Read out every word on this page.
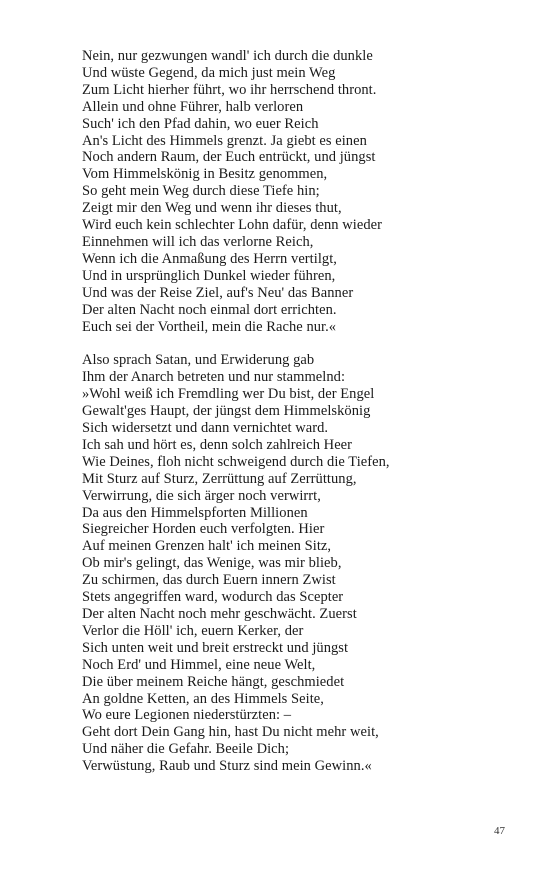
Nein, nur gezwungen wandl' ich durch die dunkle
Und wüste Gegend, da mich just mein Weg
Zum Licht hierher führt, wo ihr herrschend thront.
Allein und ohne Führer, halb verloren
Such' ich den Pfad dahin, wo euer Reich
An's Licht des Himmels grenzt. Ja giebt es einen
Noch andern Raum, der Euch entrückt, und jüngst
Vom Himmelskönig in Besitz genommen,
So geht mein Weg durch diese Tiefe hin;
Zeigt mir den Weg und wenn ihr dieses thut,
Wird euch kein schlechter Lohn dafür, denn wieder
Einnehmen will ich das verlorne Reich,
Wenn ich die Anmaßung des Herrn vertilgt,
Und in ursprünglich Dunkel wieder führen,
Und was der Reise Ziel, auf's Neu' das Banner
Der alten Nacht noch einmal dort errichten.
Euch sei der Vortheil, mein die Rache nur.«
Also sprach Satan, und Erwiderung gab
Ihm der Anarch betreten und nur stammelnd:
»Wohl weiß ich Fremdling wer Du bist, der Engel
Gewalt'ges Haupt, der jüngst dem Himmelskönig
Sich widersetzt und dann vernichtet ward.
Ich sah und hört es, denn solch zahlreich Heer
Wie Deines, floh nicht schweigend durch die Tiefen,
Mit Sturz auf Sturz, Zerrüttung auf Zerrüttung,
Verwirrung, die sich ärger noch verwirrt,
Da aus den Himmelspforten Millionen
Siegreicher Horden euch verfolgten. Hier
Auf meinen Grenzen halt' ich meinen Sitz,
Ob mir's gelingt, das Wenige, was mir blieb,
Zu schirmen, das durch Euern innern Zwist
Stets angegriffen ward, wodurch das Scepter
Der alten Nacht noch mehr geschwächt. Zuerst
Verlor die Höll' ich, euern Kerker, der
Sich unten weit und breit erstreckt und jüngst
Noch Erd' und Himmel, eine neue Welt,
Die über meinem Reiche hängt, geschmiedet
An goldne Ketten, an des Himmels Seite,
Wo eure Legionen niederstürzten: –
Geht dort Dein Gang hin, hast Du nicht mehr weit,
Und näher die Gefahr. Beeile Dich;
Verwüstung, Raub und Sturz sind mein Gewinn.«
47
